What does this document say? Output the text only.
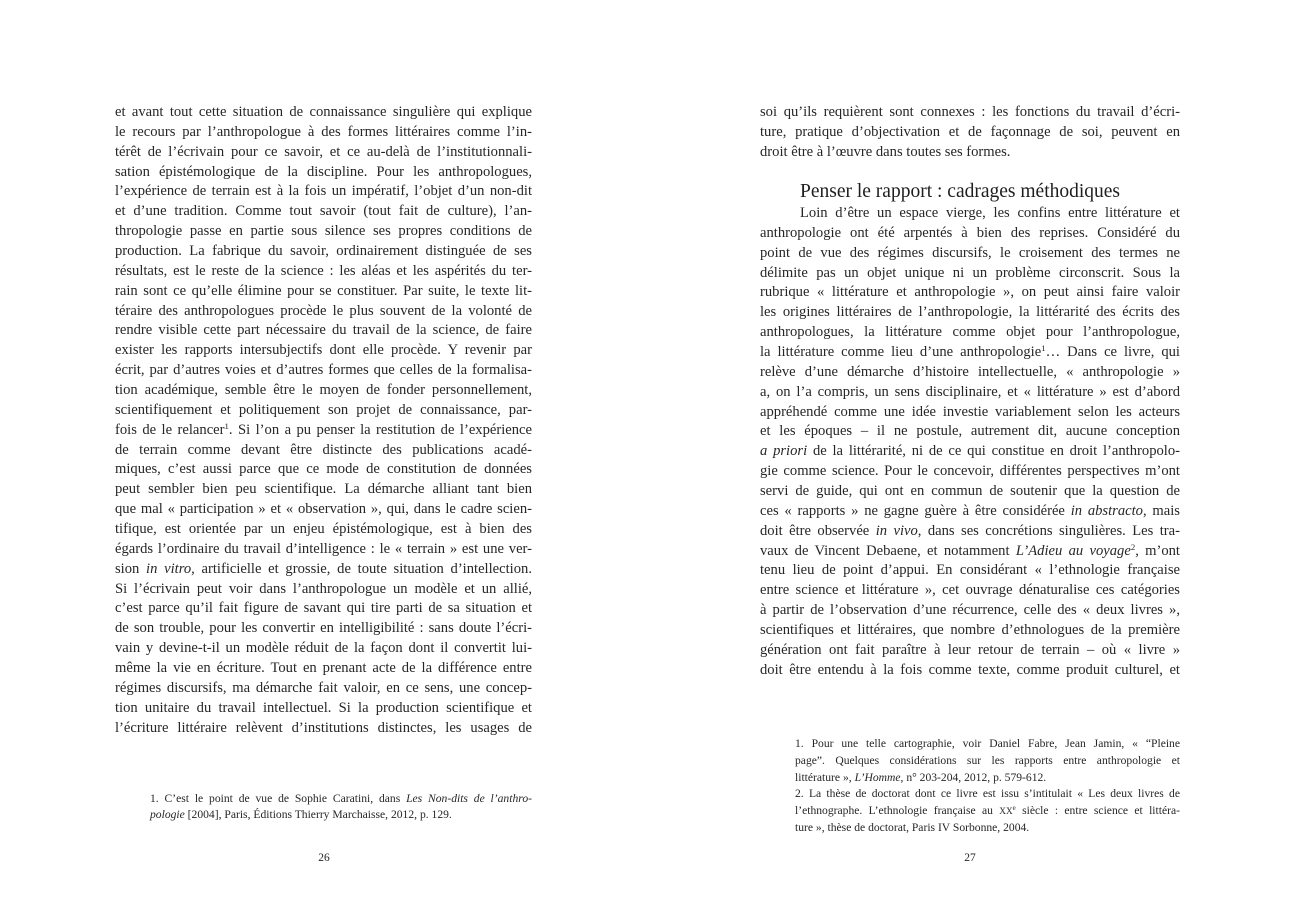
et avant tout cette situation de connaissance singulière qui explique
le recours par l’anthropologue à des formes littéraires comme l’in-
térêt de l’écrivain pour ce savoir, et ce au-delà de l’institutionnali-
sation épistémologique de la discipline. Pour les anthropologues,
l’expérience de terrain est à la fois un impératif, l’objet d’un non-dit
et d’une tradition. Comme tout savoir (tout fait de culture), l’an-
thropologie passe en partie sous silence ses propres conditions de
production. La fabrique du savoir, ordinairement distinguée de ses
résultats, est le reste de la science : les aléas et les aspérités du ter-
rain sont ce qu’elle élimine pour se constituer. Par suite, le texte lit-
téraire des anthropologues procède le plus souvent de la volonté de
rendre visible cette part nécessaire du travail de la science, de faire
exister les rapports intersubjectifs dont elle procède. Y revenir par
écrit, par d’autres voies et d’autres formes que celles de la formalisa-
tion académique, semble être le moyen de fonder personnellement,
scientifiquement et politiquement son projet de connaissance, par-
fois de le relancer$^1$. Si l’on a pu penser la restitution de l’expérience
de terrain comme devant être distincte des publications acadé-
miques, c’est aussi parce que ce mode de constitution de données
peut sembler bien peu scientifique. La démarche alliant tant bien
que mal « participation » et « observation », qui, dans le cadre scien-
tifique, est orientée par un enjeu épistémologique, est à bien des
égards l’ordinaire du travail d’intelligence : le « terrain » est une ver-
sion in vitro, artificielle et grossie, de toute situation d’intellection.
Si l’écrivain peut voir dans l’anthropologue un modèle et un allié,
c’est parce qu’il fait figure de savant qui tire parti de sa situation et
de son trouble, pour les convertir en intelligibilité : sans doute l’écri-
vain y devine-t-il un modèle réduit de la façon dont il convertit lui-
même la vie en écriture. Tout en prenant acte de la différence entre
régimes discursifs, ma démarche fait valoir, en ce sens, une concep-
tion unitaire du travail intellectuel. Si la production scientifique et
l’écriture littéraire relèvent d’institutions distinctes, les usages de
1. C’est le point de vue de Sophie Caratini, dans Les Non-dits de l’anthro-
pologie [2004], Paris, Éditions Thierry Marchaisse, 2012, p. 129.
26
soi qu’ils requièrent sont connexes : les fonctions du travail d’écri-
ture, pratique d’objectivation et de façonnage de soi, peuvent en
droit être à l’œuvre dans toutes ses formes.
Penser le rapport : cadrages méthodiques
Loin d’être un espace vierge, les confins entre littérature et
anthropologie ont été arpentés à bien des reprises. Considéré du
point de vue des régimes discursifs, le croisement des termes ne
délimite pas un objet unique ni un problème circonscrit. Sous la
rubrique « littérature et anthropologie », on peut ainsi faire valoir
les origines littéraires de l’anthropologie, la littérarité des écrits des
anthropologues, la littérature comme objet pour l’anthropologue,
la littérature comme lieu d’une anthropologie$^1$… Dans ce livre, qui
relève d’une démarche d’histoire intellectuelle, « anthropologie »
a, on l’a compris, un sens disciplinaire, et « littérature » est d’abord
appréhendé comme une idée investie variablement selon les acteurs
et les époques – il ne postule, autrement dit, aucune conception
a priori de la littérarité, ni de ce qui constitue en droit l’anthropolo-
gie comme science. Pour le concevoir, différentes perspectives m’ont
servi de guide, qui ont en commun de soutenir que la question de
ces « rapports » ne gagne guère à être considérée in abstracto, mais
doit être observée in vivo, dans ses concrétions singulières. Les tra-
vaux de Vincent Debaene, et notamment L’Adieu au voyage$^2$, m’ont
tenu lieu de point d’appui. En considérant « l’ethnologie française
entre science et littérature », cet ouvrage dénaturalise ces catégories
à partir de l’observation d’une récurrence, celle des « deux livres »,
scientifiques et littéraires, que nombre d’ethnologues de la première
génération ont fait paraître à leur retour de terrain – où « livre »
doit être entendu à la fois comme texte, comme produit culturel, et
1. Pour une telle cartographie, voir Daniel Fabre, Jean Jamin, « “Pleine
page”. Quelques considérations sur les rapports entre anthropologie et
littérature », L’Homme, n° 203-204, 2012, p. 579-612.
2. La thèse de doctorat dont ce livre est issu s’intitulait « Les deux livres de
l’ethnographe. L’ethnologie française au XXe siècle : entre science et littéra-
ture », thèse de doctorat, Paris IV Sorbonne, 2004.
27
